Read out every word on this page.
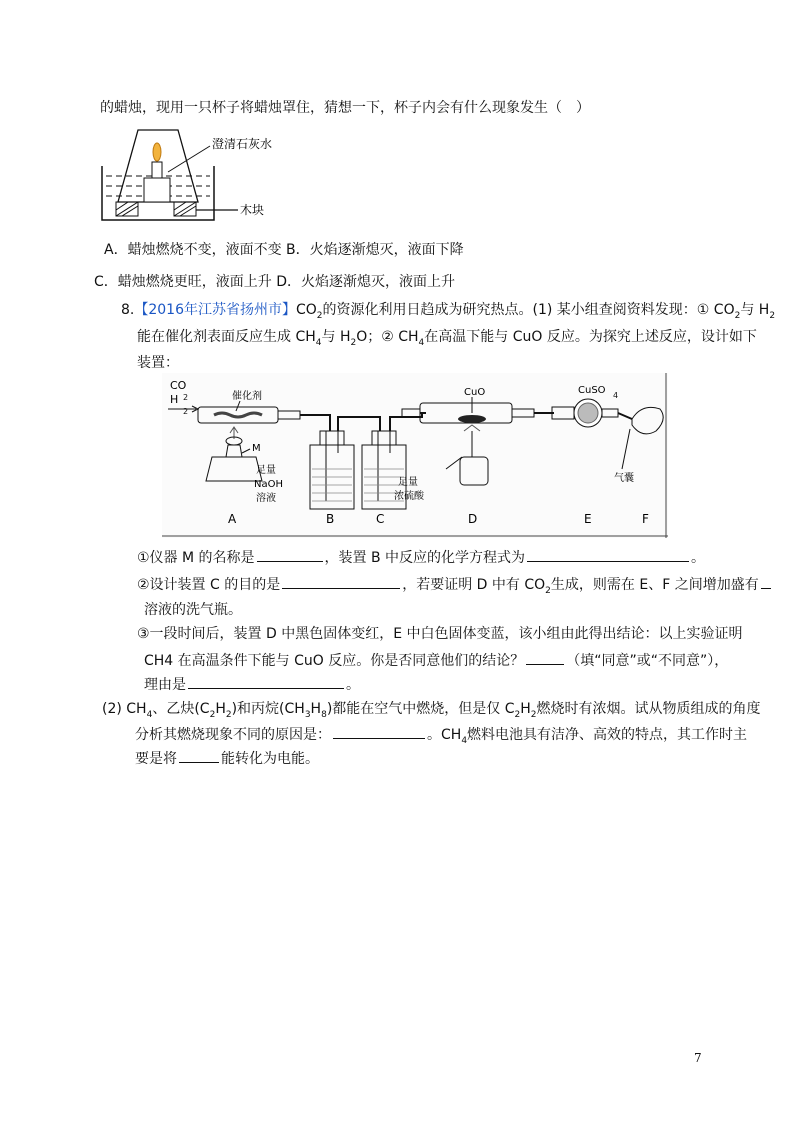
的蜡烛，现用一只杯子将蜡烛罩住，猜想一下，杯子内会有什么现象发生（　）
澄清石灰水
木块
A．蜡烛燃烧不变，液面不变 B．火焰逐渐熄灭，液面下降
C．蜡烛燃烧更旺，液面上升 D．火焰逐渐熄灭，液面上升
8.【2016年江苏省扬州市】$CO_2$的资源化利用日趋成为研究热点。(1) 某小组查阅资料发现：① $CO_2$与 $H_2$
能在催化剂表面反应生成 $CH_4$与 $H_2O$；② $CH_4$在高温下能与 CuO 反应。为探究上述反应，设计如下
装置：
CO
H	催化剂
M
足量
NaOH
溶液
足量
浓硫酸
CuO	CuSO
气囊
A	B	C	D	E	F
2
2
4
①仪器 M 的名称是	，装置 B 中反应的化学方程式为	。
②设计装置 C 的目的是	，若要证明 D 中有 $CO_2$生成，则需在 E、F 之间增加盛有
溶液的洗气瓶。
③一段时间后，装置 D 中黑色固体变红，E 中白色固体变蓝，该小组由此得出结论：以上实验证明
CH4 在高温条件下能与 CuO 反应。你是否同意他们的结论？	（填“同意”或“不同意”），
理由是	。
(2) $CH_4$、乙炔$(C_2H_2)$和丙烷$(CH_3H_8)$都能在空气中燃烧，但是仅 $C_2H_2$燃烧时有浓烟。试从物质组成的角度
分析其燃烧现象不同的原因是：	。$CH_4$燃料电池具有洁净、高效的特点，其工作时主
要是将	能转化为电能。
7
